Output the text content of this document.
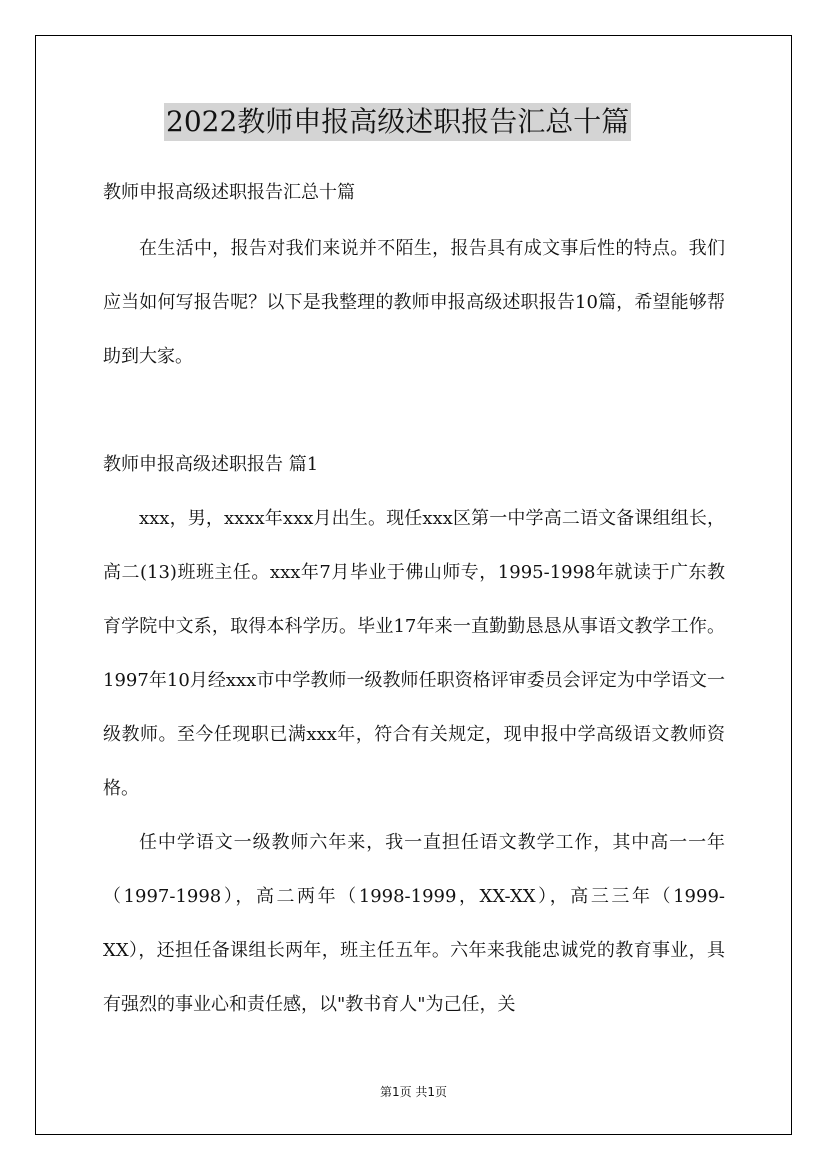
2022教师申报高级述职报告汇总十篇
教师申报高级述职报告汇总十篇

在生活中，报告对我们来说并不陌生，报告具有成文事后性的特点。我们应当如何写报告呢？以下是我整理的教师申报高级述职报告10篇，希望能够帮助到大家。

教师申报高级述职报告 篇1

xxx，男，xxxx年xxx月出生。现任xxx区第一中学高二语文备课组组长，高二(13)班班主任。xxx年7月毕业于佛山师专，1995-1998年就读于广东教育学院中文系，取得本科学历。毕业17年来一直勤勤恳恳从事语文教学工作。1997年10月经xxx市中学教师一级教师任职资格评审委员会评定为中学语文一级教师。至今任现职已满xxx年，符合有关规定，现申报中学高级语文教师资格。

任中学语文一级教师六年来，我一直担任语文教学工作，其中高一一年（1997-1998），高二两年（1998-1999，XX-XX），高三三年（1999-XX），还担任备课组长两年，班主任五年。六年来我能忠诚党的教育事业，具有强烈的事业心和责任感，以"教书育人"为己任，关

第1页 共1页
